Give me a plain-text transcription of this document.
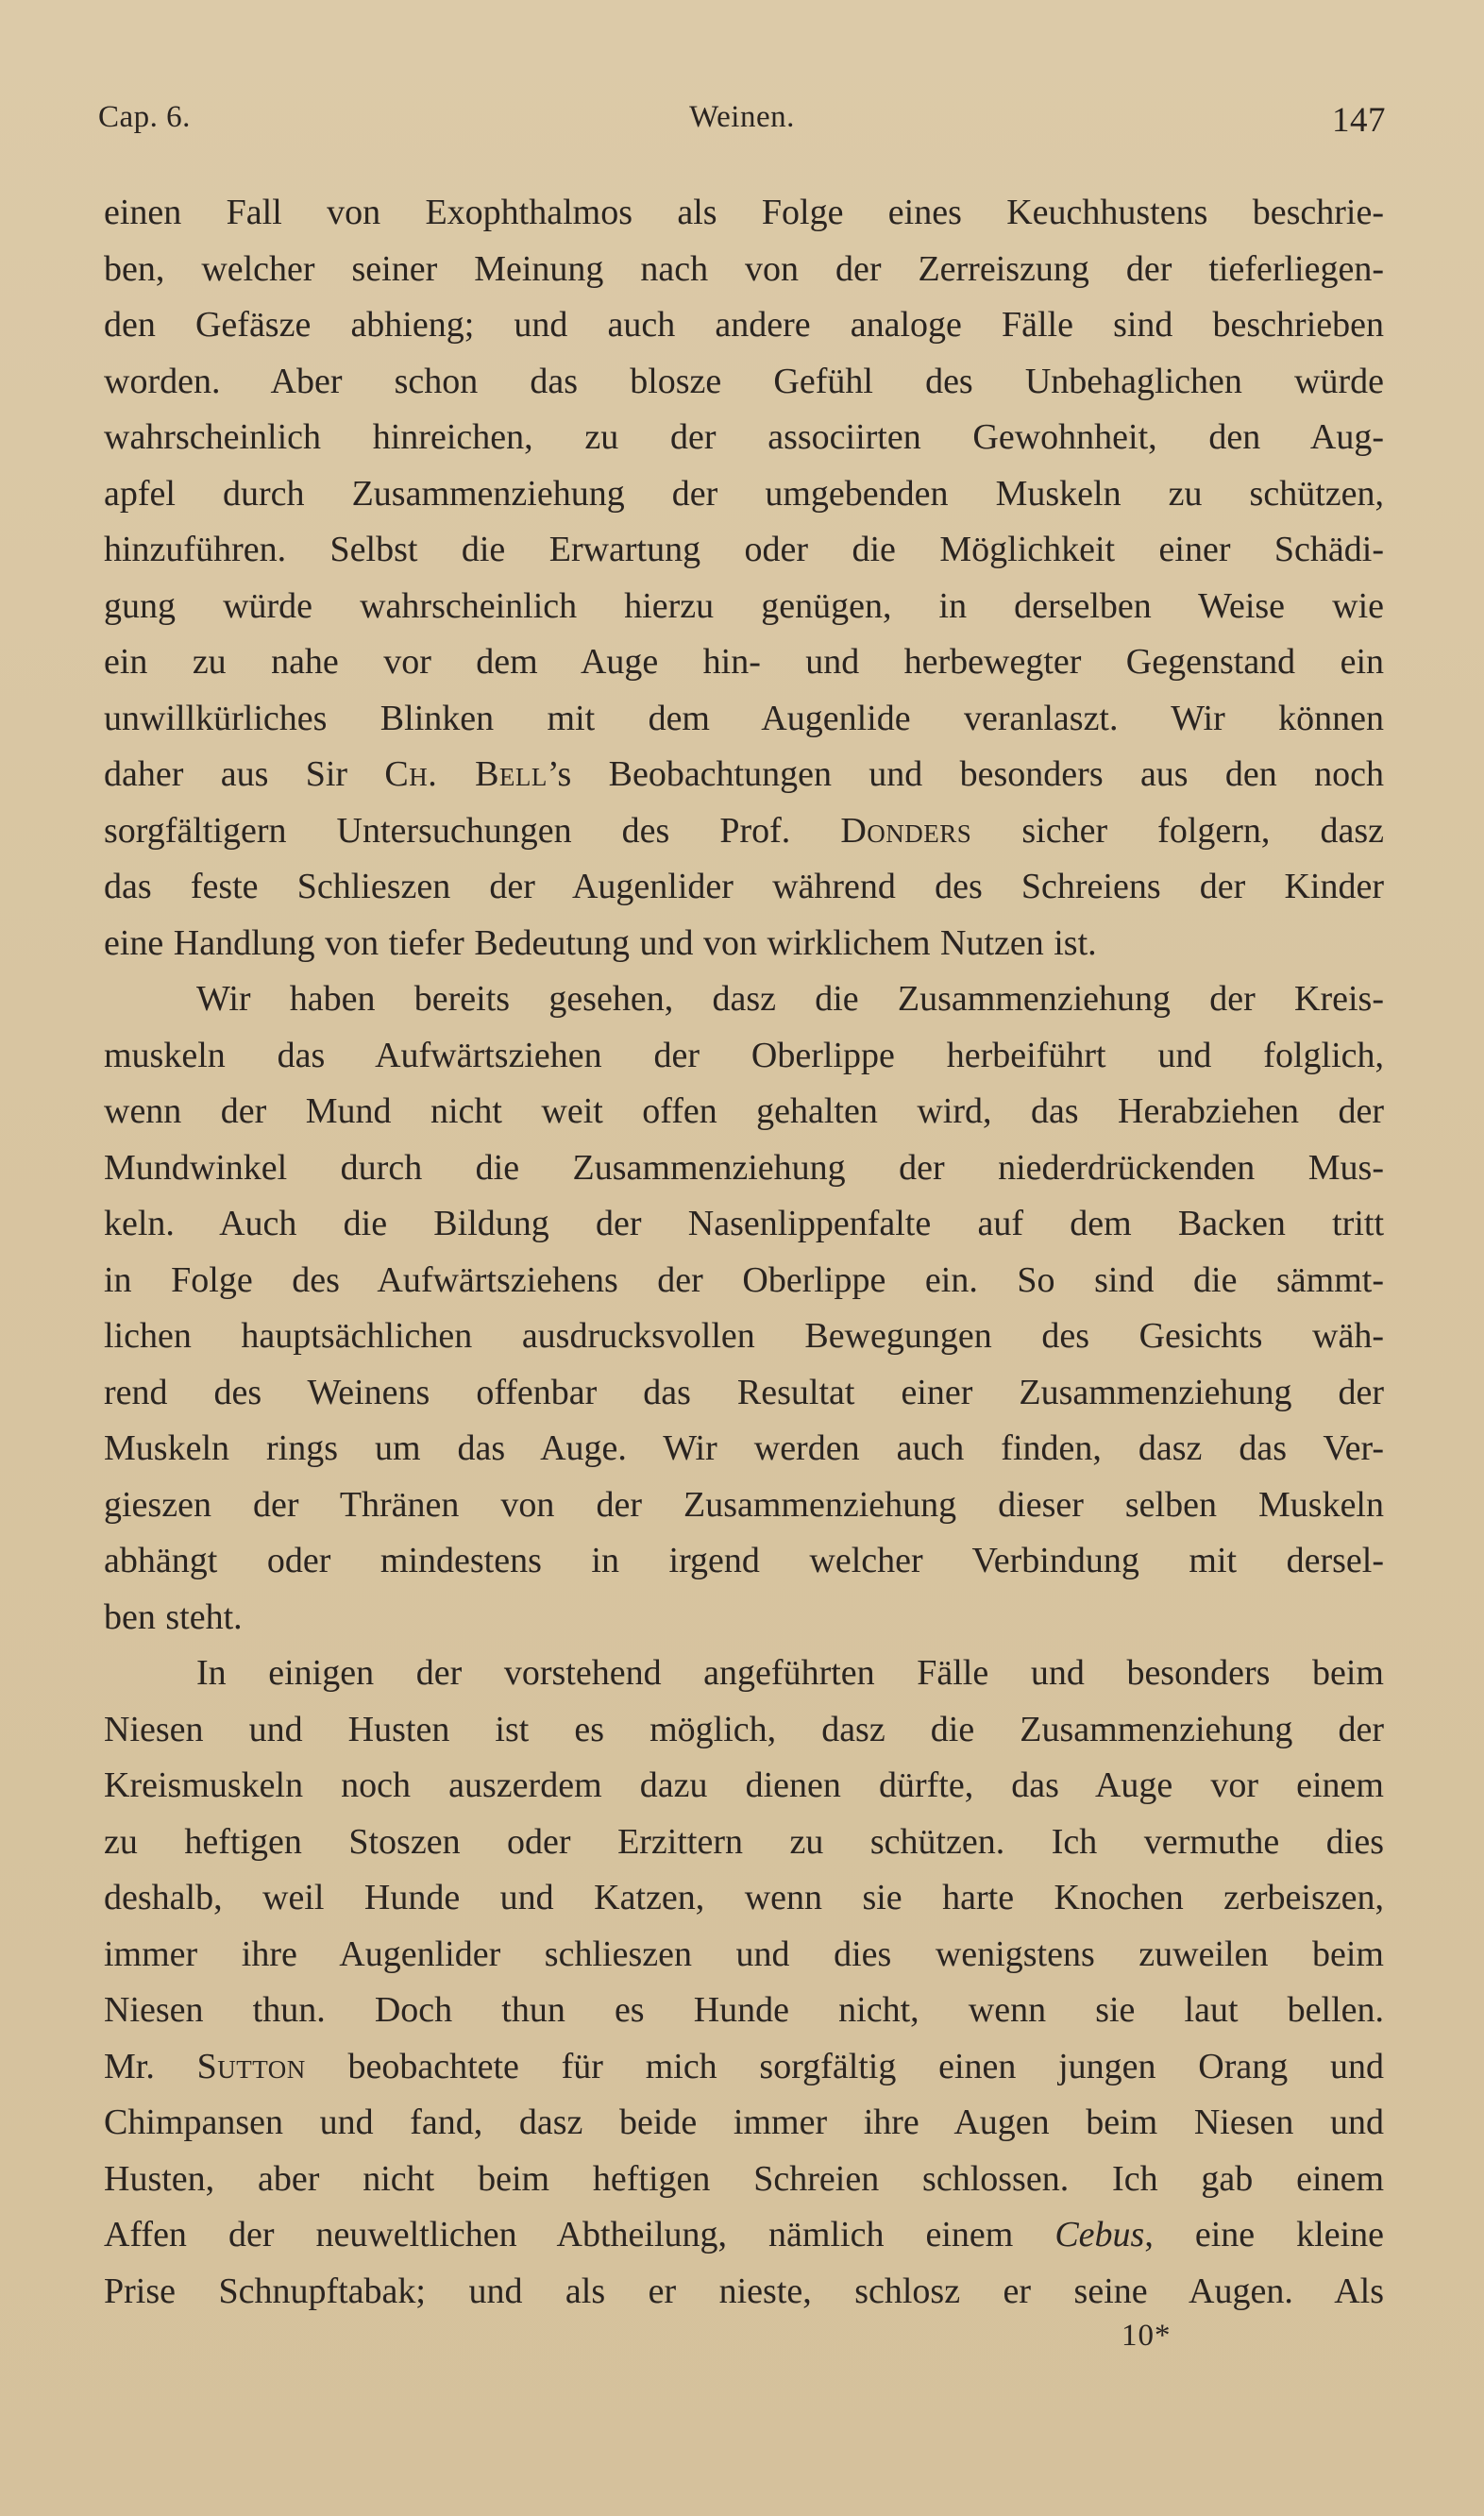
Cap. 6.	Weinen.	147
einen Fall von Exophthalmos als Folge eines Keuchhustens beschrie-
ben, welcher seiner Meinung nach von der Zerreiszung der tieferliegen-
den Gefäsze abhieng; und auch andere analoge Fälle sind beschrieben
worden. Aber schon das blosze Gefühl des Unbehaglichen würde
wahrscheinlich hinreichen, zu der associirten Gewohnheit, den Aug-
apfel durch Zusammenziehung der umgebenden Muskeln zu schützen,
hinzuführen. Selbst die Erwartung oder die Möglichkeit einer Schädi-
gung würde wahrscheinlich hierzu genügen, in derselben Weise wie
ein zu nahe vor dem Auge hin- und herbewegter Gegenstand ein
unwillkürliches Blinken mit dem Augenlide veranlaszt. Wir können
daher aus Sir Ch. Bell’s Beobachtungen und besonders aus den noch
sorgfältigern Untersuchungen des Prof. Donders sicher folgern, dasz
das feste Schlieszen der Augenlider während des Schreiens der Kinder
eine Handlung von tiefer Bedeutung und von wirklichem Nutzen ist.
Wir haben bereits gesehen, dasz die Zusammenziehung der Kreis-
muskeln das Aufwärtsziehen der Oberlippe herbeiführt und folglich,
wenn der Mund nicht weit offen gehalten wird, das Herabziehen der
Mundwinkel durch die Zusammenziehung der niederdrückenden Mus-
keln. Auch die Bildung der Nasenlippenfalte auf dem Backen tritt
in Folge des Aufwärtsziehens der Oberlippe ein. So sind die sämmt-
lichen hauptsächlichen ausdrucksvollen Bewegungen des Gesichts wäh-
rend des Weinens offenbar das Resultat einer Zusammenziehung der
Muskeln rings um das Auge. Wir werden auch finden, dasz das Ver-
gieszen der Thränen von der Zusammenziehung dieser selben Muskeln
abhängt oder mindestens in irgend welcher Verbindung mit dersel-
ben steht.
In einigen der vorstehend angeführten Fälle und besonders beim
Niesen und Husten ist es möglich, dasz die Zusammenziehung der
Kreismuskeln noch auszerdem dazu dienen dürfte, das Auge vor einem
zu heftigen Stoszen oder Erzittern zu schützen. Ich vermuthe dies
deshalb, weil Hunde und Katzen, wenn sie harte Knochen zerbeiszen,
immer ihre Augenlider schlieszen und dies wenigstens zuweilen beim
Niesen thun. Doch thun es Hunde nicht, wenn sie laut bellen.
Mr. Sutton beobachtete für mich sorgfältig einen jungen Orang und
Chimpansen und fand, dasz beide immer ihre Augen beim Niesen und
Husten, aber nicht beim heftigen Schreien schlossen. Ich gab einem
Affen der neuweltlichen Abtheilung, nämlich einem Cebus, eine kleine
Prise Schnupftabak; und als er nieste, schlosz er seine Augen. Als
10*
